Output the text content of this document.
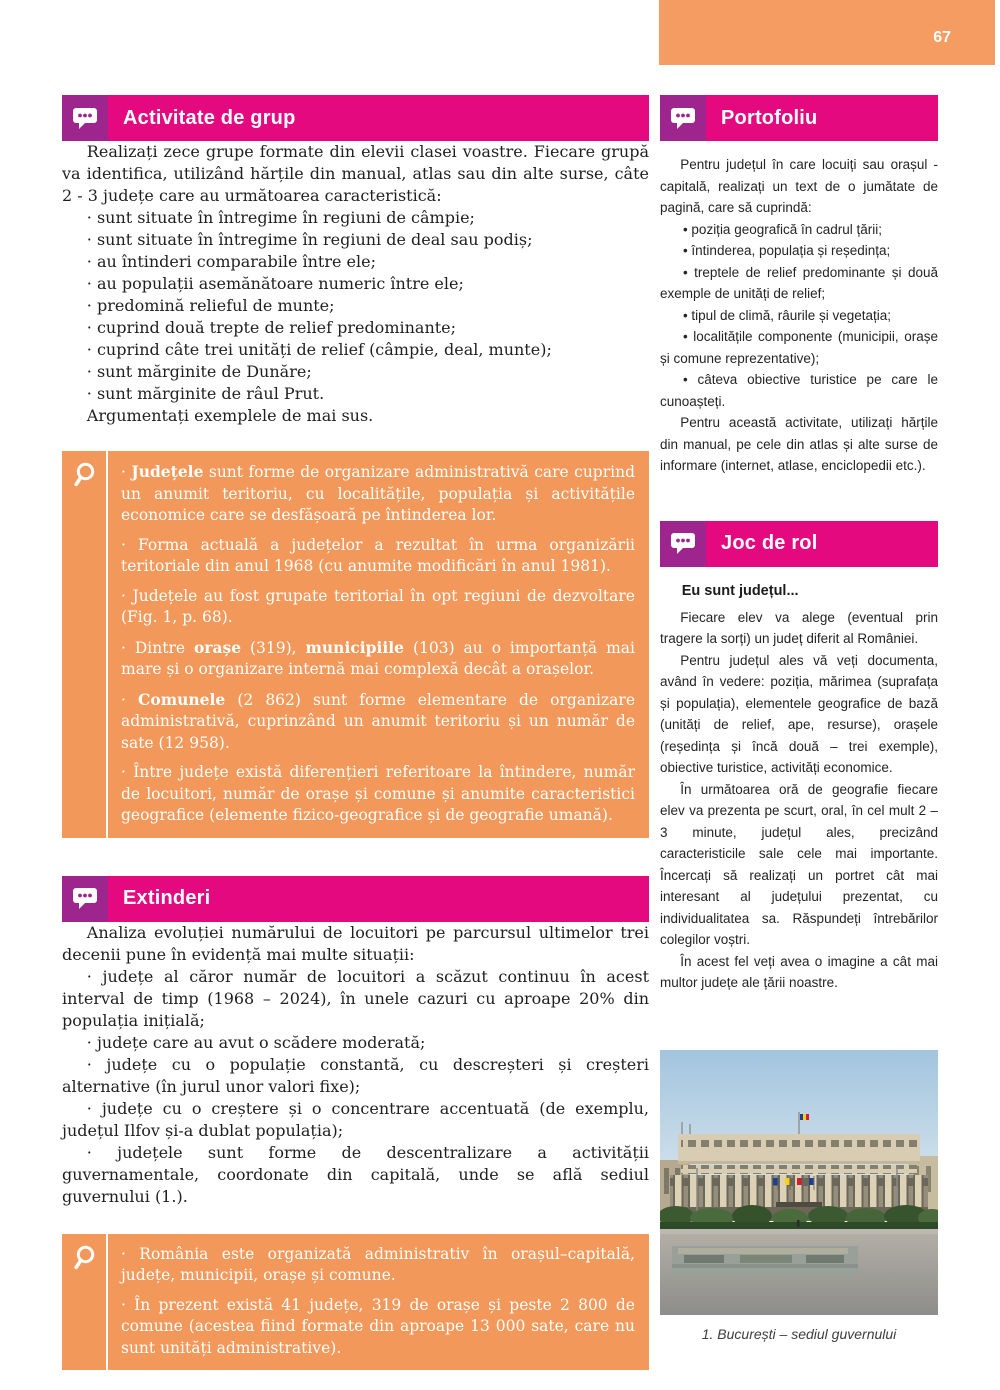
67
Activitate de grup

Realizați zece grupe formate din elevii clasei voastre. Fiecare grupă va identifica, utilizând hărțile din manual, atlas sau din alte surse, câte 2 - 3 județe care au următoarea caracteristică:

· sunt situate în întregime în regiuni de câmpie;
· sunt situate în întregime în regiuni de deal sau podiș;
· au întinderi comparabile între ele;
· au populații asemănătoare numeric între ele;
· predomină relieful de munte;
· cuprind două trepte de relief predominante;
· cuprind câte trei unități de relief (câmpie, deal, munte);
· sunt mărginite de Dunăre;
· sunt mărginite de râul Prut.

Argumentați exemplele de mai sus.

· Județele sunt forme de organizare administrativă care cuprind un anumit teritoriu, cu localitățile, populația și activitățile economice care se desfășoară pe întinderea lor.
· Forma actuală a județelor a rezultat în urma organizării teritoriale din anul 1968 (cu anumite modificări în anul 1981).
· Județele au fost grupate teritorial în opt regiuni de dezvoltare (Fig. 1, p. 68).
· Dintre orașe (319), municipiile (103) au o importanță mai mare și o organizare internă mai complexă decât a orașelor.
· Comunele (2 862) sunt forme elementare de organizare administrativă, cuprinzând un anumit teritoriu și un număr de sate (12 958).
· Între județe există diferențieri referitoare la întindere, număr de locuitori, număr de orașe și comune și anumite caracteristici geografice (elemente fizico-geografice și de geografie umană).
Extinderi

Analiza evoluției numărului de locuitori pe parcursul ultimelor trei decenii pune în evidență mai multe situații:

· județe al căror număr de locuitori a scăzut continuu în acest interval de timp (1968 – 2024), în unele cazuri cu aproape 20% din populația inițială;
· județe care au avut o scădere moderată;
· județe cu o populație constantă, cu descreșteri și creșteri alternative (în jurul unor valori fixe);
· județe cu o creștere și o concentrare accentuată (de exemplu, județul Ilfov și-a dublat populația);
· județele sunt forme de descentralizare a activității guvernamentale, coordonate din capitală, unde se află sediul guvernului (1.).
· România este organizată administrativ în orașul–capitală, județe, municipii, orașe și comune.
· În prezent există 41 județe, 319 de orașe și peste 2 800 de comune (acestea fiind formate din aproape 13 000 sate, care nu sunt unități administrative).
Portofoliu

Pentru județul în care locuiți sau orașul - capitală, realizați un text de o jumătate de pagină, care să cuprindă:

• poziția geografică în cadrul țării;
• întinderea, populația și reședința;
• treptele de relief predominante și două exemple de unități de relief;
• tipul de climă, râurile și vegetația;
• localitățile componente (municipii, orașe și comune reprezentative);
• câteva obiective turistice pe care le cunoașteți.

Pentru această activitate, utilizați hărțile din manual, pe cele din atlas și alte surse de informare (internet, atlase, enciclopedii etc.).

Joc de rol
Eu sunt județul...
Fiecare elev va alege (eventual prin tragere la sorți) un județ diferit al României.
Pentru județul ales vă veți documenta, având în vedere: poziția, mărimea (suprafața și populația), elementele geografice de bază (unități de relief, ape, resurse), orașele (reședința și încă două – trei exemple), obiective turistice, activități economice.
În următoarea oră de geografie fiecare elev va prezenta pe scurt, oral, în cel mult 2 – 3 minute, județul ales, precizând caracteristicile sale cele mai importante. Încercați să realizați un portret cât mai interesant al județului prezentat, cu individualitatea sa. Răspundeți întrebărilor colegilor voștri.
În acest fel veți avea o imagine a cât mai multor județe ale țării noastre.
1. București – sediul guvernului
